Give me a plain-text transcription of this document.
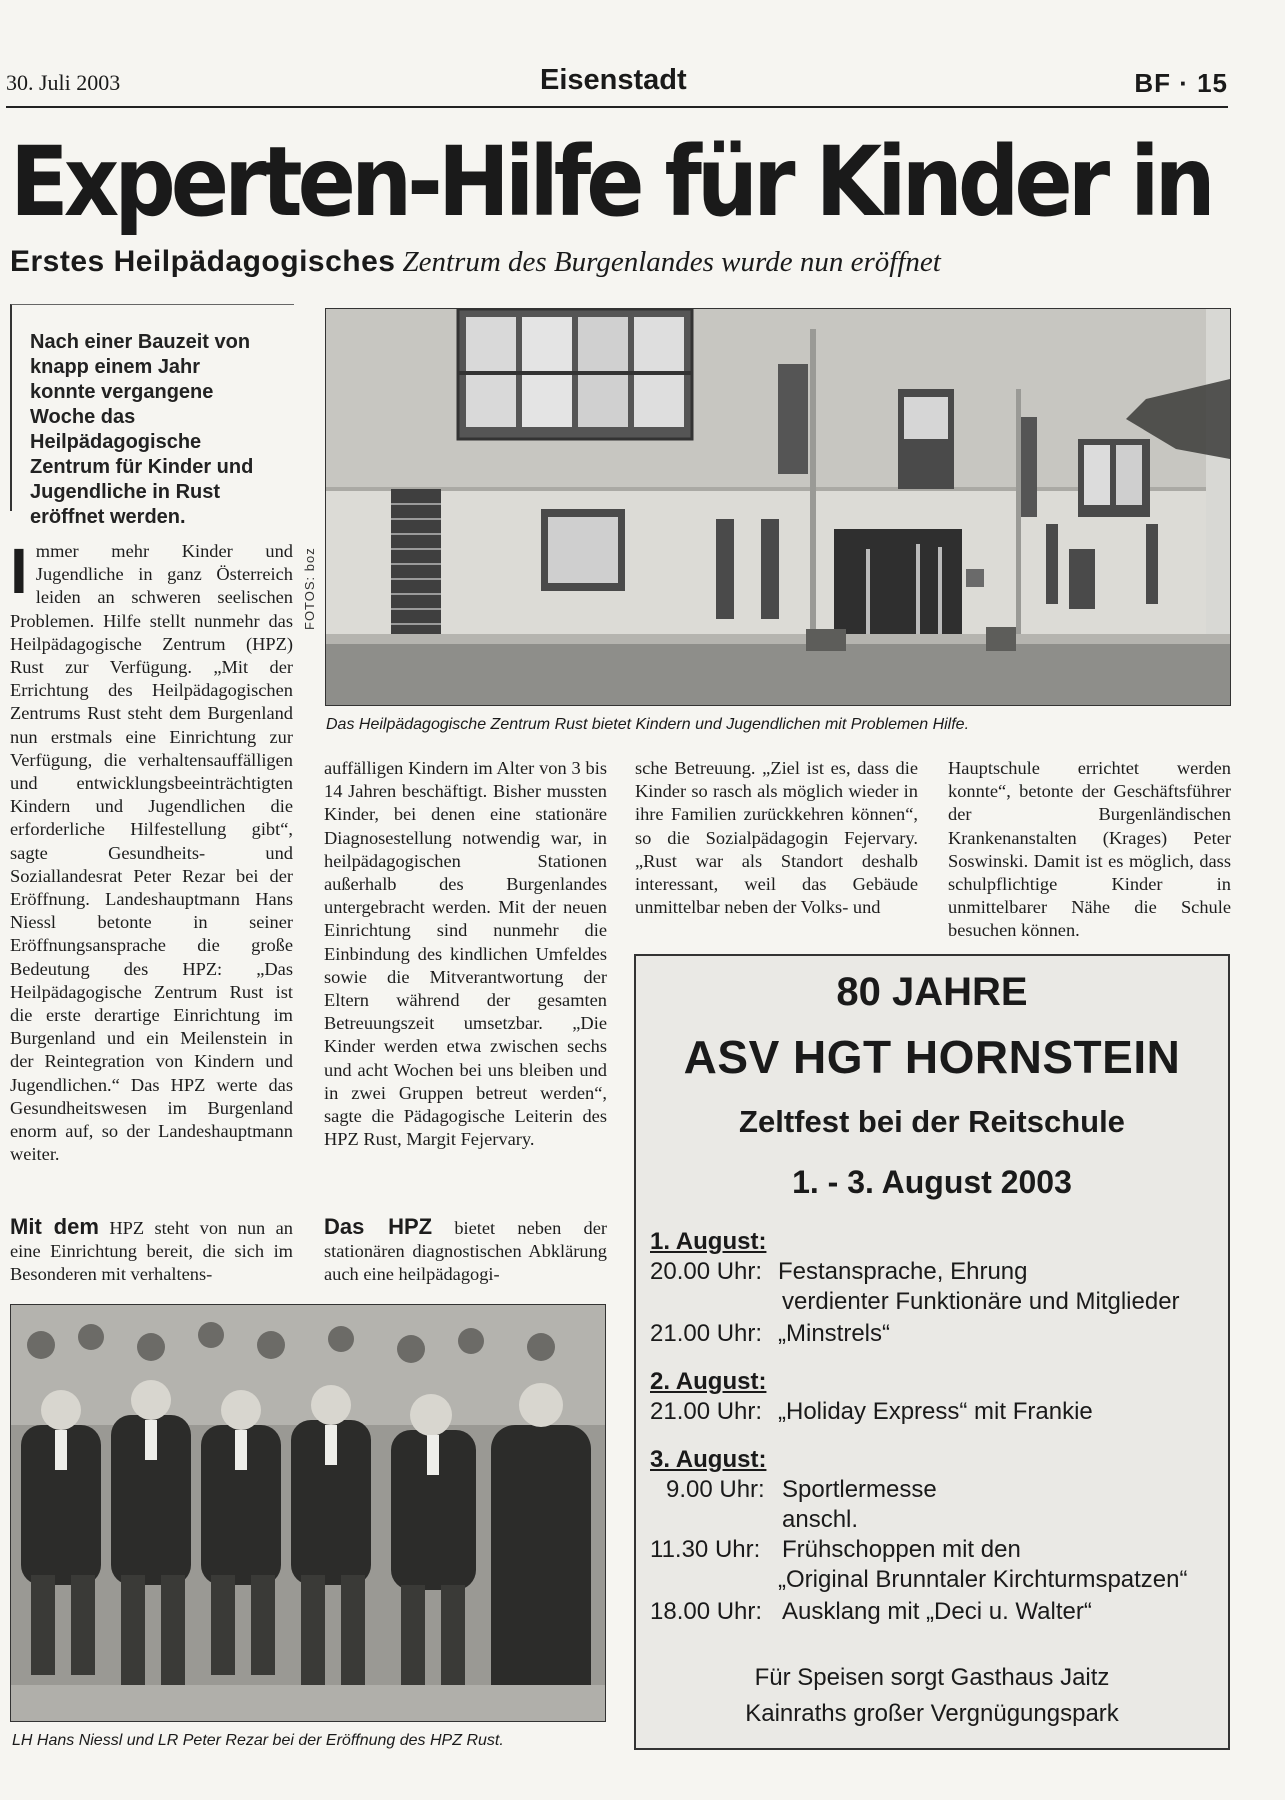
30. Juli 2003	Eisenstadt	BF · 15
Experten-Hilfe für Kinder in
Erstes Heilpädagogisches Zentrum des Burgenlandes wurde nun eröffnet
Nach einer Bauzeit von knapp einem Jahr konnte vergangene Woche das Heilpädagogische Zentrum für Kinder und Jugendliche in Rust eröffnet werden.
I mmer mehr Kinder und Jugendliche in ganz Österreich leiden an schweren seelischen Problemen. Hilfe stellt nunmehr das Heilpädagogische Zentrum (HPZ) Rust zur Verfügung. „Mit der Errichtung des Heilpädagogischen Zentrums Rust steht dem Burgenland nun erstmals eine Einrichtung zur Verfügung, die verhaltensauffälligen und entwicklungsbeeinträchtigten Kindern und Jugendlichen die erforderliche Hilfestellung gibt“, sagte Gesundheits- und Soziallandesrat Peter Rezar bei der Eröffnung. Landeshauptmann Hans Niessl betonte in seiner Eröffnungsansprache die große Bedeutung des HPZ: „Das Heilpädagogische Zentrum Rust ist die erste derartige Einrichtung im Burgenland und ein Meilenstein in der Reintegration von Kindern und Jugendlichen.“ Das HPZ werte das Gesundheitswesen im Burgenland enorm auf, so der Landeshauptmann weiter.
Mit dem HPZ steht von nun an eine Einrichtung bereit, die sich im Besonderen mit verhaltens-
FOTOS: boz
Das Heilpädagogische Zentrum Rust bietet Kindern und Jugendlichen mit Problemen Hilfe.
auffälligen Kindern im Alter von 3 bis 14 Jahren beschäftigt. Bisher mussten Kinder, bei denen eine stationäre Diagnosestellung notwendig war, in heilpädagogischen Stationen außerhalb des Burgenlandes untergebracht werden. Mit der neuen Einrichtung sind nunmehr die Einbindung des kindlichen Umfeldes sowie die Mitverantwortung der Eltern während der gesamten Betreuungszeit umsetzbar. „Die Kinder werden etwa zwischen sechs und acht Wochen bei uns bleiben und in zwei Gruppen betreut werden“, sagte die Pädagogische Leiterin des HPZ Rust, Margit Fejervary.
Das HPZ bietet neben der stationären diagnostischen Abklärung auch eine heilpädagogi-
sche Betreuung. „Ziel ist es, dass die Kinder so rasch als möglich wieder in ihre Familien zurückkehren können“, so die Sozialpädagogin Fejervary. „Rust war als Standort deshalb interessant, weil das Gebäude unmittelbar neben der Volks- und
Hauptschule errichtet werden konnte“, betonte der Geschäftsführer der Burgenländischen Krankenanstalten (Krages) Peter Soswinski. Damit ist es möglich, dass schulpflichtige Kinder in unmittelbarer Nähe die Schule besuchen können.
LH Hans Niessl und LR Peter Rezar bei der Eröffnung des HPZ Rust.
80 JAHRE
ASV HGT HORNSTEIN
Zeltfest bei der Reitschule
1. - 3. August 2003
1. August:
20.00 Uhr: Festansprache, Ehrung
verdienter Funktionäre und Mitglieder
21.00 Uhr: „Minstrels“
2. August:
21.00 Uhr: „Holiday Express“ mit Frankie
3. August:
9.00 Uhr: Sportlermesse
anschl.
11.30 Uhr: Frühschoppen mit den
„Original Brunntaler Kirchturmspatzen“
18.00 Uhr: Ausklang mit „Deci u. Walter“
Für Speisen sorgt Gasthaus Jaitz
Kainraths großer Vergnügungspark
